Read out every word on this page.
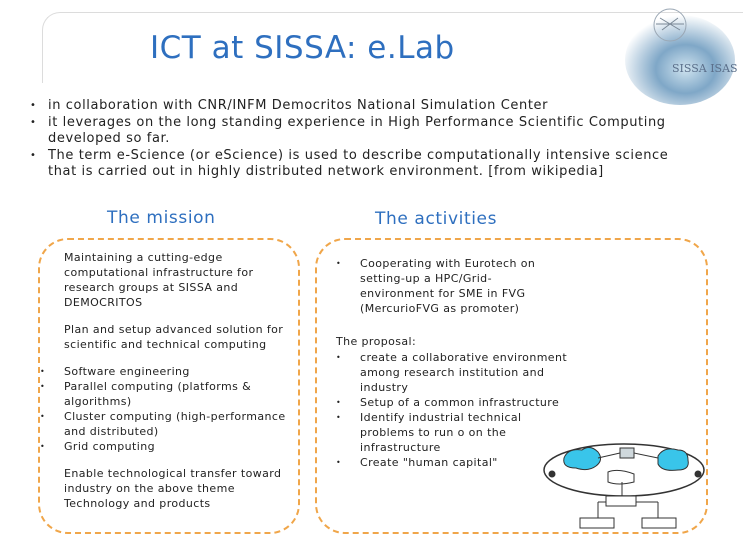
ICT at SISSA: e.Lab
SISSA ISAS
• in collaboration with CNR/INFM Democritos National Simulation Center
• it leverages on the long standing experience in High Performance Scientific Computing developed so far.
• The term e-Science (or eScience) is used to describe computationally intensive science that is carried out in highly distributed network environment. [from wikipedia]
The mission	The activities
Maintaining a cutting-edge computational infrastructure for research groups at SISSA and DEMOCRITOS
Plan and setup advanced solution for scientific and technical computing
• Software engineering
• Parallel computing (platforms & algorithms)
• Cluster computing (high-performance and distributed)
• Grid computing
Enable technological transfer toward industry on the above theme Technology and products
• Cooperating with Eurotech on setting-up a HPC/Grid-environment for SME in FVG (MercurioFVG as promoter)
The proposal:
• create a collaborative environment among research institution and industry
• Setup of a common infrastructure
• Identify industrial technical problems to run o on the infrastructure
• Create "human capital"
